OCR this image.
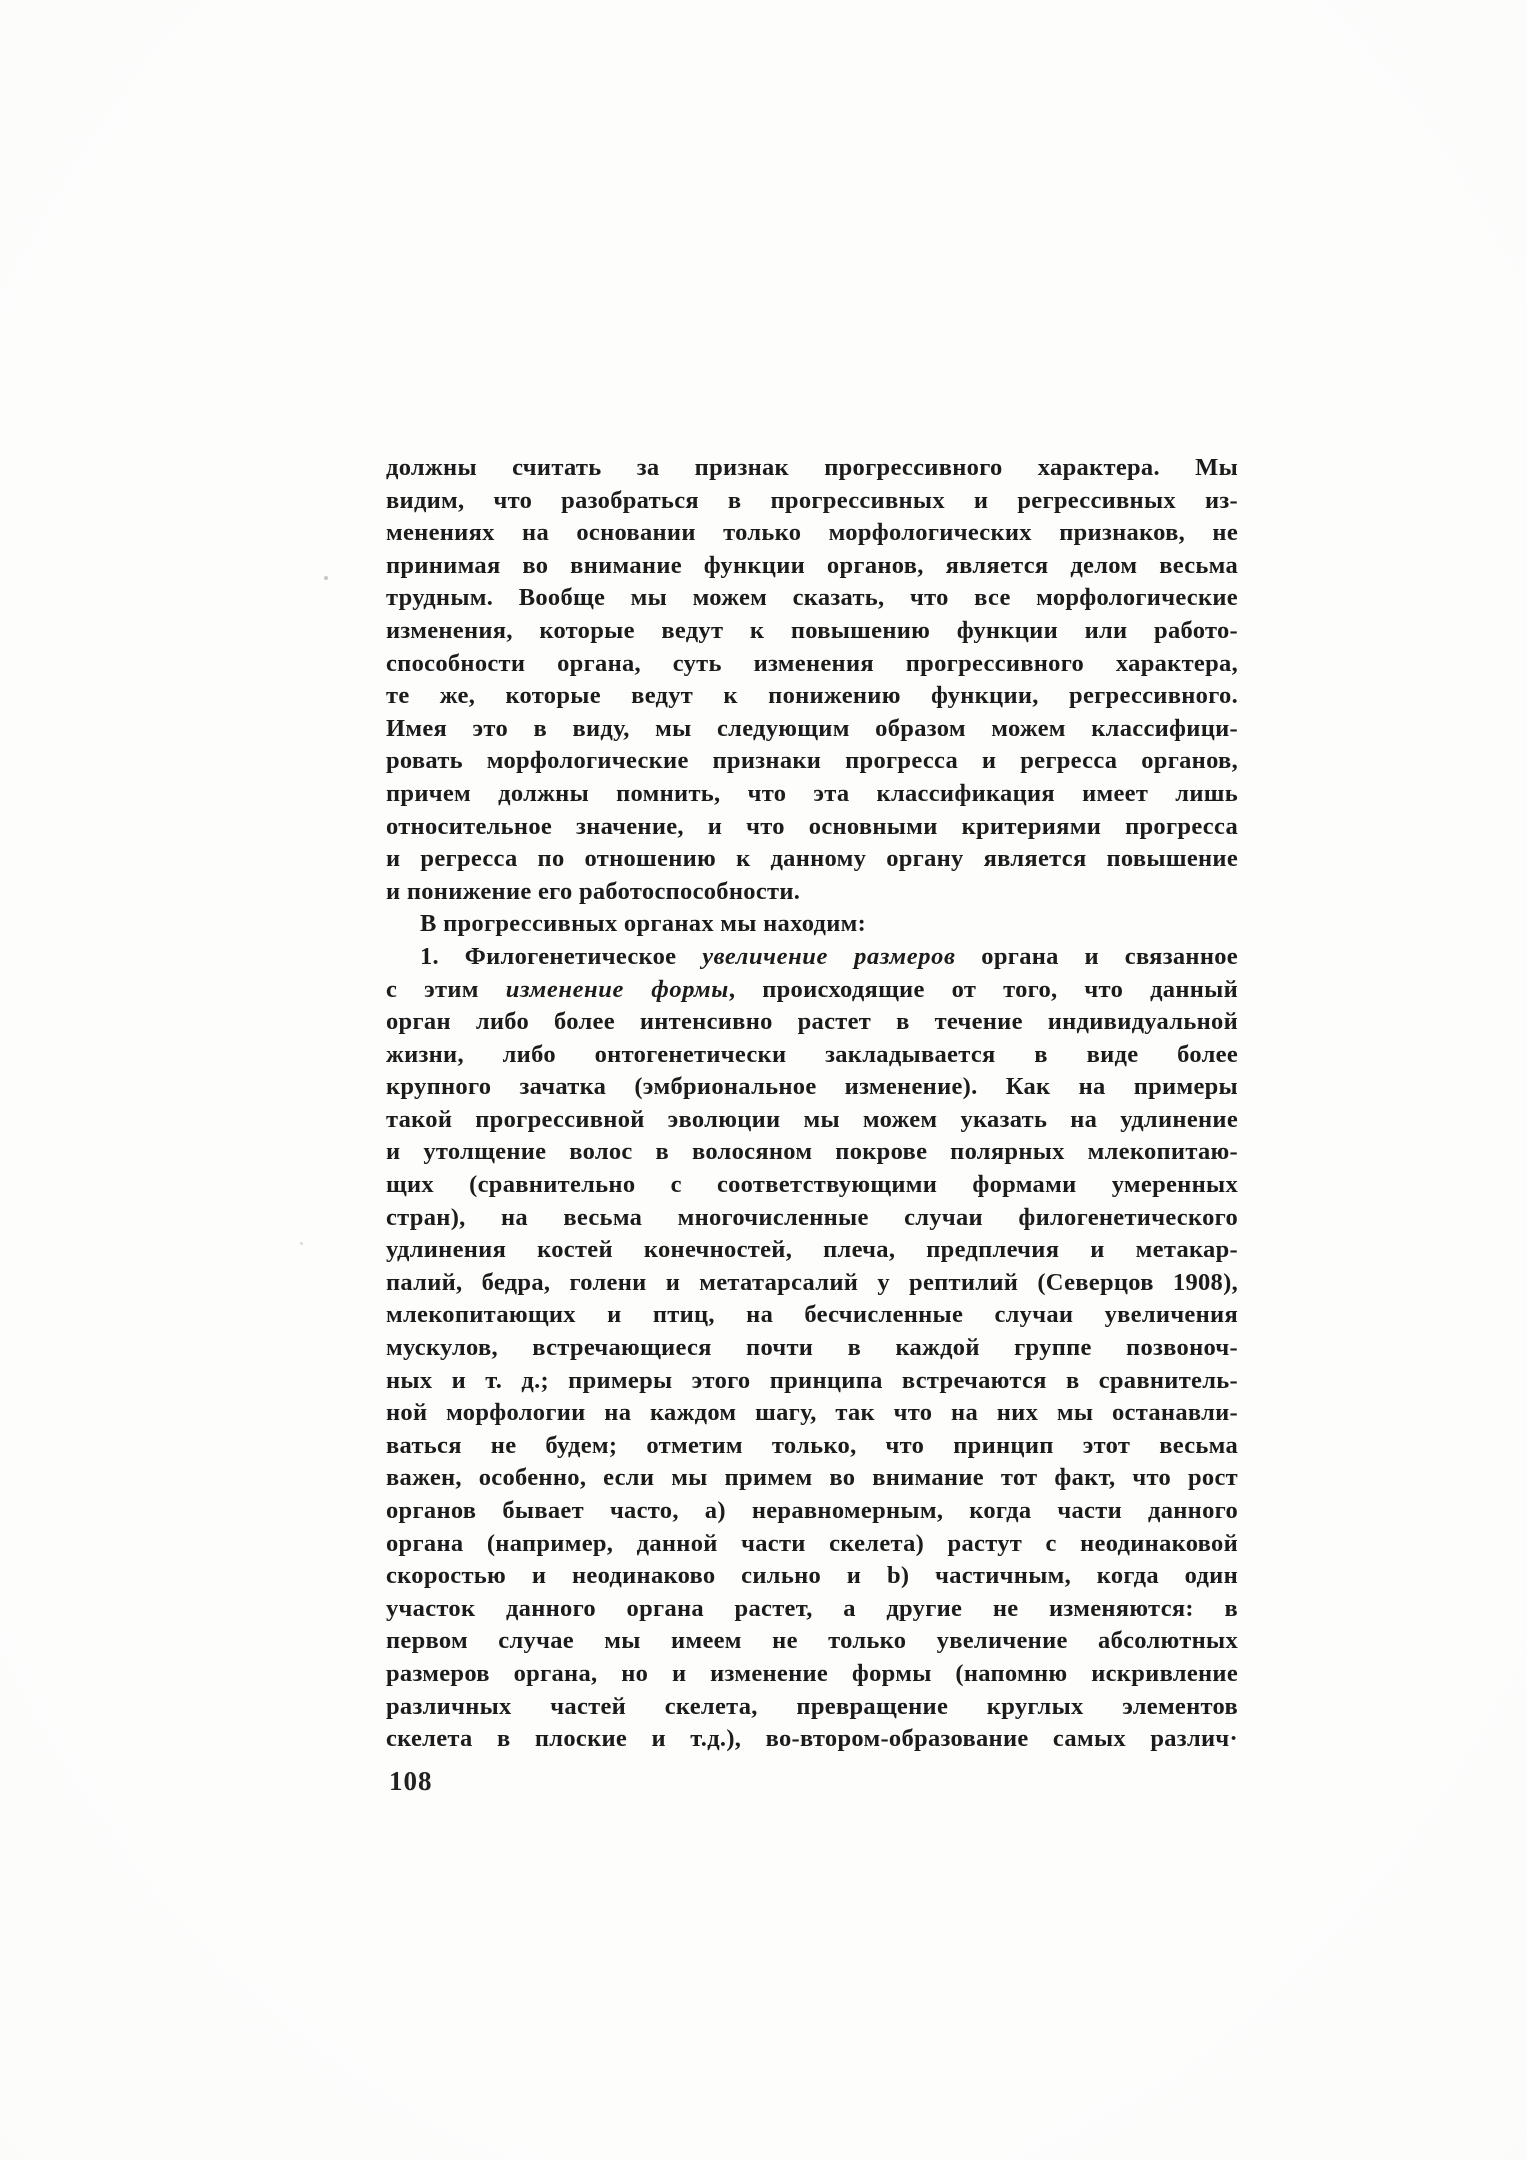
должны считать за признак прогрессивного характера. Мы
видим, что разобраться в прогрессивных и регрессивных из-
менениях на основании только морфологических признаков, не
принимая во внимание функции органов, является делом весьма
трудным. Вообще мы можем сказать, что все морфологические
изменения, которые ведут к повышению функции или работо-
способности органа, суть изменения прогрессивного характера,
те же, которые ведут к понижению функции, регрессивного.
Имея это в виду, мы следующим образом можем классифици-
ровать морфологические признаки прогресса и регресса органов,
причем должны помнить, что эта классификация имеет лишь
относительное значение, и что основными критериями прогресса
и регресса по отношению к данному органу является повышение
и понижение его работоспособности.
В прогрессивных органах мы находим:
1. Филогенетическое увеличение размеров органа и связанное
с этим изменение формы, происходящие от того, что данный
орган либо более интенсивно растет в течение индивидуальной
жизни, либо онтогенетически закладывается в виде более
крупного зачатка (эмбриональное изменение). Как на примеры
такой прогрессивной эволюции мы можем указать на удлинение
и утолщение волос в волосяном покрове полярных млекопитаю-
щих (сравнительно с соответствующими формами умеренных
стран), на весьма многочисленные случаи филогенетического
удлинения костей конечностей, плеча, предплечия и метакар-
палий, бедра, голени и метатарсалий у рептилий (Северцов 1908),
млекопитающих и птиц, на бесчисленные случаи увеличения
мускулов, встречающиеся почти в каждой группе позвоноч-
ных и т. д.; примеры этого принципа встречаются в сравнитель-
ной морфологии на каждом шагу, так что на них мы останавли-
ваться не будем; отметим только, что принцип этот весьма
важен, особенно, если мы примем во внимание тот факт, что рост
органов бывает часто, а) неравномерным, когда части данного
органа (например, данной части скелета) растут с неодинаковой
скоростью и неодинаково сильно и b) частичным, когда один
участок данного органа растет, а другие не изменяются: в
первом случае мы имеем не только увеличение абсолютных
размеров органа, но и изменение формы (напомню искривление
различных частей скелета, превращение круглых элементов
скелета в плоские и т.д.), во-втором-образование самых различ·
108
